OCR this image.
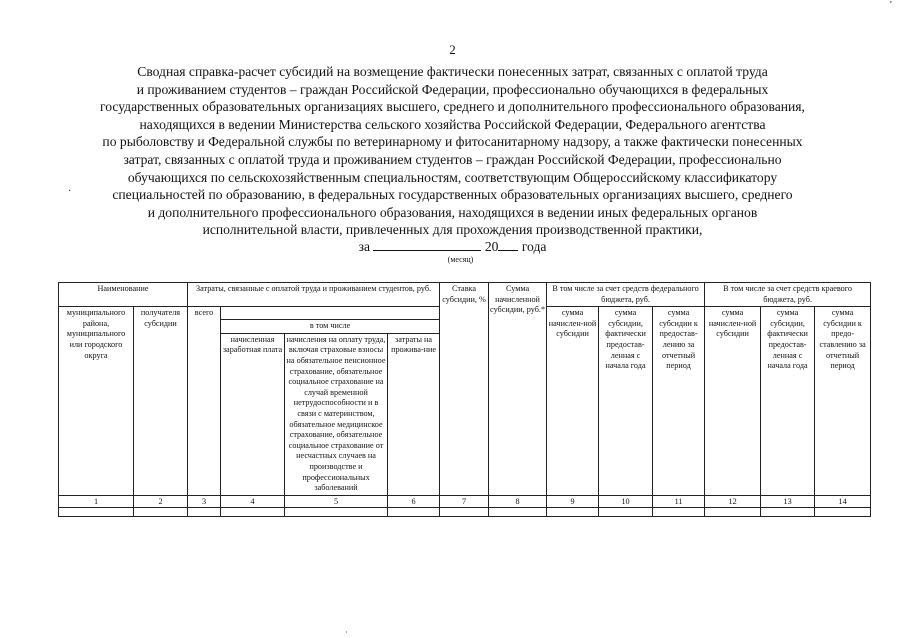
2
Сводная справка-расчет субсидий на возмещение фактически понесенных затрат, связанных с оплатой труда
и проживанием студентов – граждан Российской Федерации, профессионально обучающихся в федеральных
государственных образовательных организациях высшего, среднего и дополнительного профессионального образования,
находящихся в ведении Министерства сельского хозяйства Российской Федерации, Федерального агентства
по рыболовству и Федеральной службы по ветеринарному и фитосанитарному надзору, а также фактически понесенных
затрат, связанных с оплатой труда и проживанием студентов – граждан Российской Федерации, профессионально
обучающихся по сельскохозяйственным специальностям, соответствующим Общероссийскому классификатору
специальностей по образованию, в федеральных государственных образовательных организациях высшего, среднего
и дополнительного профессионального образования, находящихся в ведении иных федеральных органов
исполнительной власти, привлеченных для прохождения производственной практики,
за	20 года
(месяц)
'
·
·
Наименование		Затраты, связанные с оплатой труда и проживанием студентов, руб.				Ставка субсидии, %	Сумма начисленной субсидии, руб.*	В том числе за счет средств федерального бюджета, руб.			В том числе за счет средств краевого бюджета, руб.		
муниципального района, муниципального или городского округа	получателя субсидии	всего						сумма начислен-ной субсидии	сумма субсидии, фактически предостав-ленная с начала года	сумма субсидии к предостав-лению за отчетный период	сумма начислен-ной субсидии	сумма субсидии, фактически предостав-ленная с начала года	сумма субсидии к предо-ставлению за отчетный период
			в том числе										
			начисленная заработная плата	начисления на оплату труда, включая страховые взносы на обязательное пенсионное страхование, обязательное социальное страхование на случай временной нетрудоспособности и в связи с материнством, обязательное медицинское страхование, обязательное социальное страхование от несчастных случаев на производстве и профессиональных заболеваний	затраты на прожива-ние								
1	2	3	4	5	6	7	8	9	10	11	12	13	14
